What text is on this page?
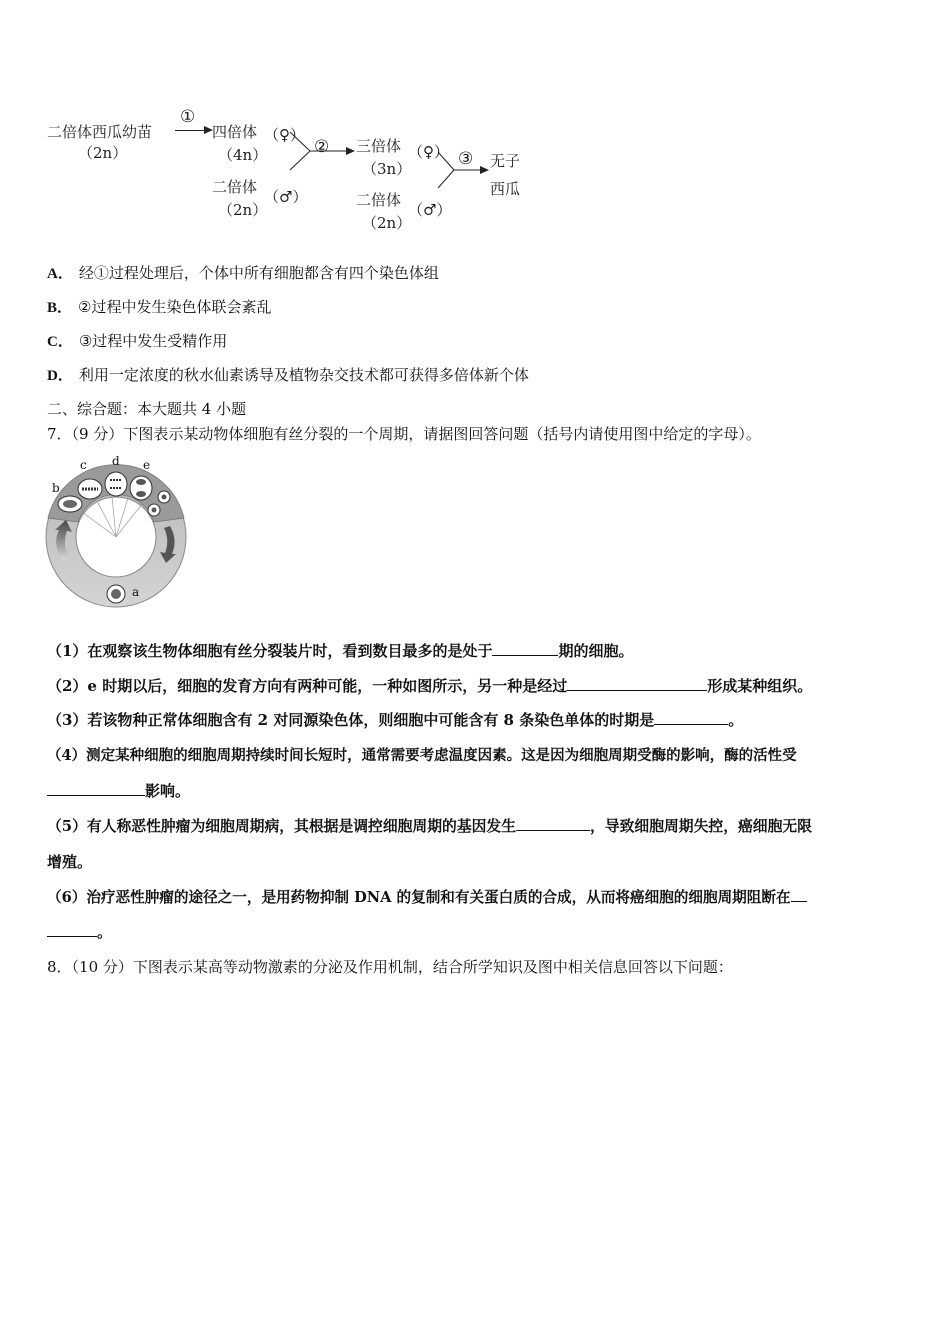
二倍体西瓜幼苗
（2n）
①
四倍体 （♀）
（4n）
二倍体
（2n）
（♂）
② 三倍体 （♀）
（3n）
二倍体
（2n）
（♂）
③ 无子
西瓜
A． 经①过程处理后，个体中所有细胞都含有四个染色体组
B． ②过程中发生染色体联会紊乱
C． ③过程中发生受精作用
D． 利用一定浓度的秋水仙素诱导及植物杂交技术都可获得多倍体新个体
二、综合题：本大题共 4 小题
7．（9 分）下图表示某动物体细胞有丝分裂的一个周期，请据图回答问题（括号内请使用图中给定的字母）。
b
c d e
a
（1）在观察该生物体细胞有丝分裂装片时，看到数目最多的是处于	期的细胞。
（2）e 时期以后，细胞的发育方向有两种可能，一种如图所示，另一种是经过	形成某种组织。
（3）若该物种正常体细胞含有 2 对同源染色体，则细胞中可能含有 8 条染色单体的时期是	。
（4）测定某种细胞的细胞周期持续时间长短时，通常需要考虑温度因素。这是因为细胞周期受酶的影响，酶的活性受
影响。
（5）有人称恶性肿瘤为细胞周期病，其根据是调控细胞周期的基因发生	，导致细胞周期失控，癌细胞无限
增殖。
（6）治疗恶性肿瘤的途径之一，是用药物抑制 DNA 的复制和有关蛋白质的合成，从而将癌细胞的细胞周期阻断在
。
8．（10 分）下图表示某高等动物激素的分泌及作用机制，结合所学知识及图中相关信息回答以下问题：
